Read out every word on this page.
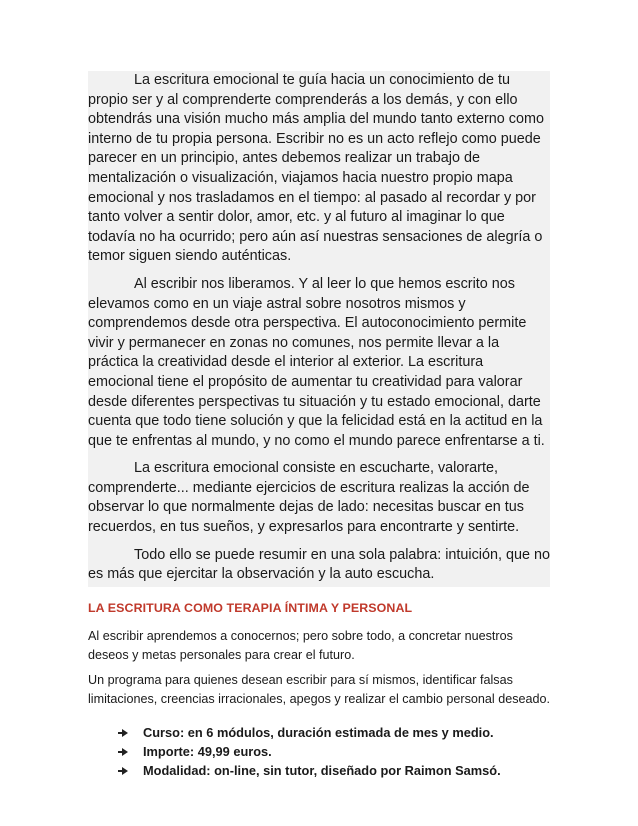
La escritura emocional te guía hacia un conocimiento de tu propio ser y al comprenderte comprenderás a los demás, y con ello obtendrás una visión mucho más amplia del mundo tanto externo como interno de tu propia persona. Escribir no es un acto reflejo como puede parecer en un principio, antes debemos realizar un trabajo de mentalización o visualización, viajamos hacia nuestro propio mapa emocional y nos trasladamos en el tiempo: al pasado al recordar y por tanto volver a sentir dolor, amor, etc. y al futuro al imaginar lo que todavía no ha ocurrido; pero aún así nuestras sensaciones de alegría o temor siguen siendo auténticas.

Al escribir nos liberamos. Y al leer lo que hemos escrito nos elevamos como en un viaje astral sobre nosotros mismos y comprendemos desde otra perspectiva. El autoconocimiento permite vivir y permanecer en zonas no comunes, nos permite llevar a la práctica la creatividad desde el interior al exterior. La escritura emocional tiene el propósito de aumentar tu creatividad para valorar desde diferentes perspectivas tu situación y tu estado emocional, darte cuenta que todo tiene solución y que la felicidad está en la actitud en la que te enfrentas al mundo, y no como el mundo parece enfrentarse a ti.

La escritura emocional consiste en escucharte, valorarte, comprenderte... mediante ejercicios de escritura realizas la acción de observar lo que normalmente dejas de lado: necesitas buscar en tus recuerdos, en tus sueños, y expresarlos para encontrarte y sentirte.

Todo ello se puede resumir en una sola palabra: intuición, que no es más que ejercitar la observación y la auto escucha.

LA ESCRITURA COMO TERAPIA ÍNTIMA Y PERSONAL

Al escribir aprendemos a conocernos; pero sobre todo, a concretar nuestros deseos y metas personales para crear el futuro.

Un programa para quienes desean escribir para sí mismos, identificar falsas limitaciones, creencias irracionales, apegos y realizar el cambio personal deseado.

Curso: en 6 módulos, duración estimada de mes y medio.
Importe: 49,99 euros.
Modalidad: on-line, sin tutor, diseñado por Raimon Samsó.
